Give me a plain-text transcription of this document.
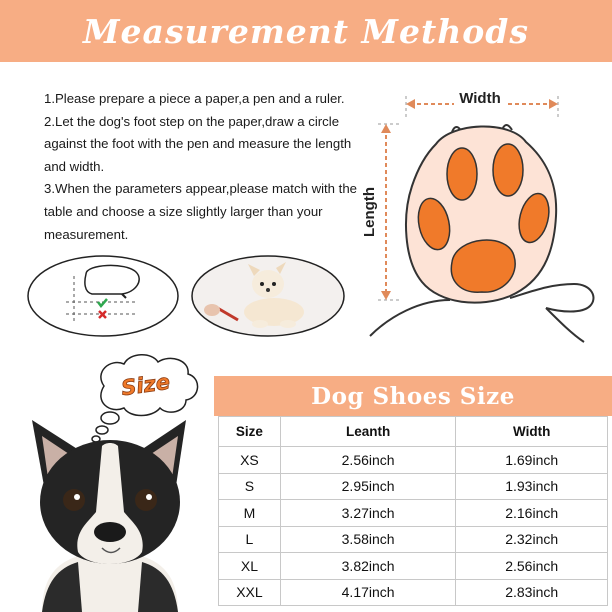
Measurement Methods

1.Please prepare a piece a paper,a pen and a ruler.

2.Let the dog's foot step on the paper,draw a circle against the foot with the pen and measure the length and width.

3.When the parameters appear,please match with the table and choose a size slightly larger than your measurement.

Width
Length
Size	Dog Shoes Size
Size	Leanth	Width
XS	2.56inch	1.69inch
S	2.95inch	1.93inch
M	3.27inch	2.16inch
L	3.58inch	2.32inch
XL	3.82inch	2.56inch
XXL	4.17inch	2.83inch
